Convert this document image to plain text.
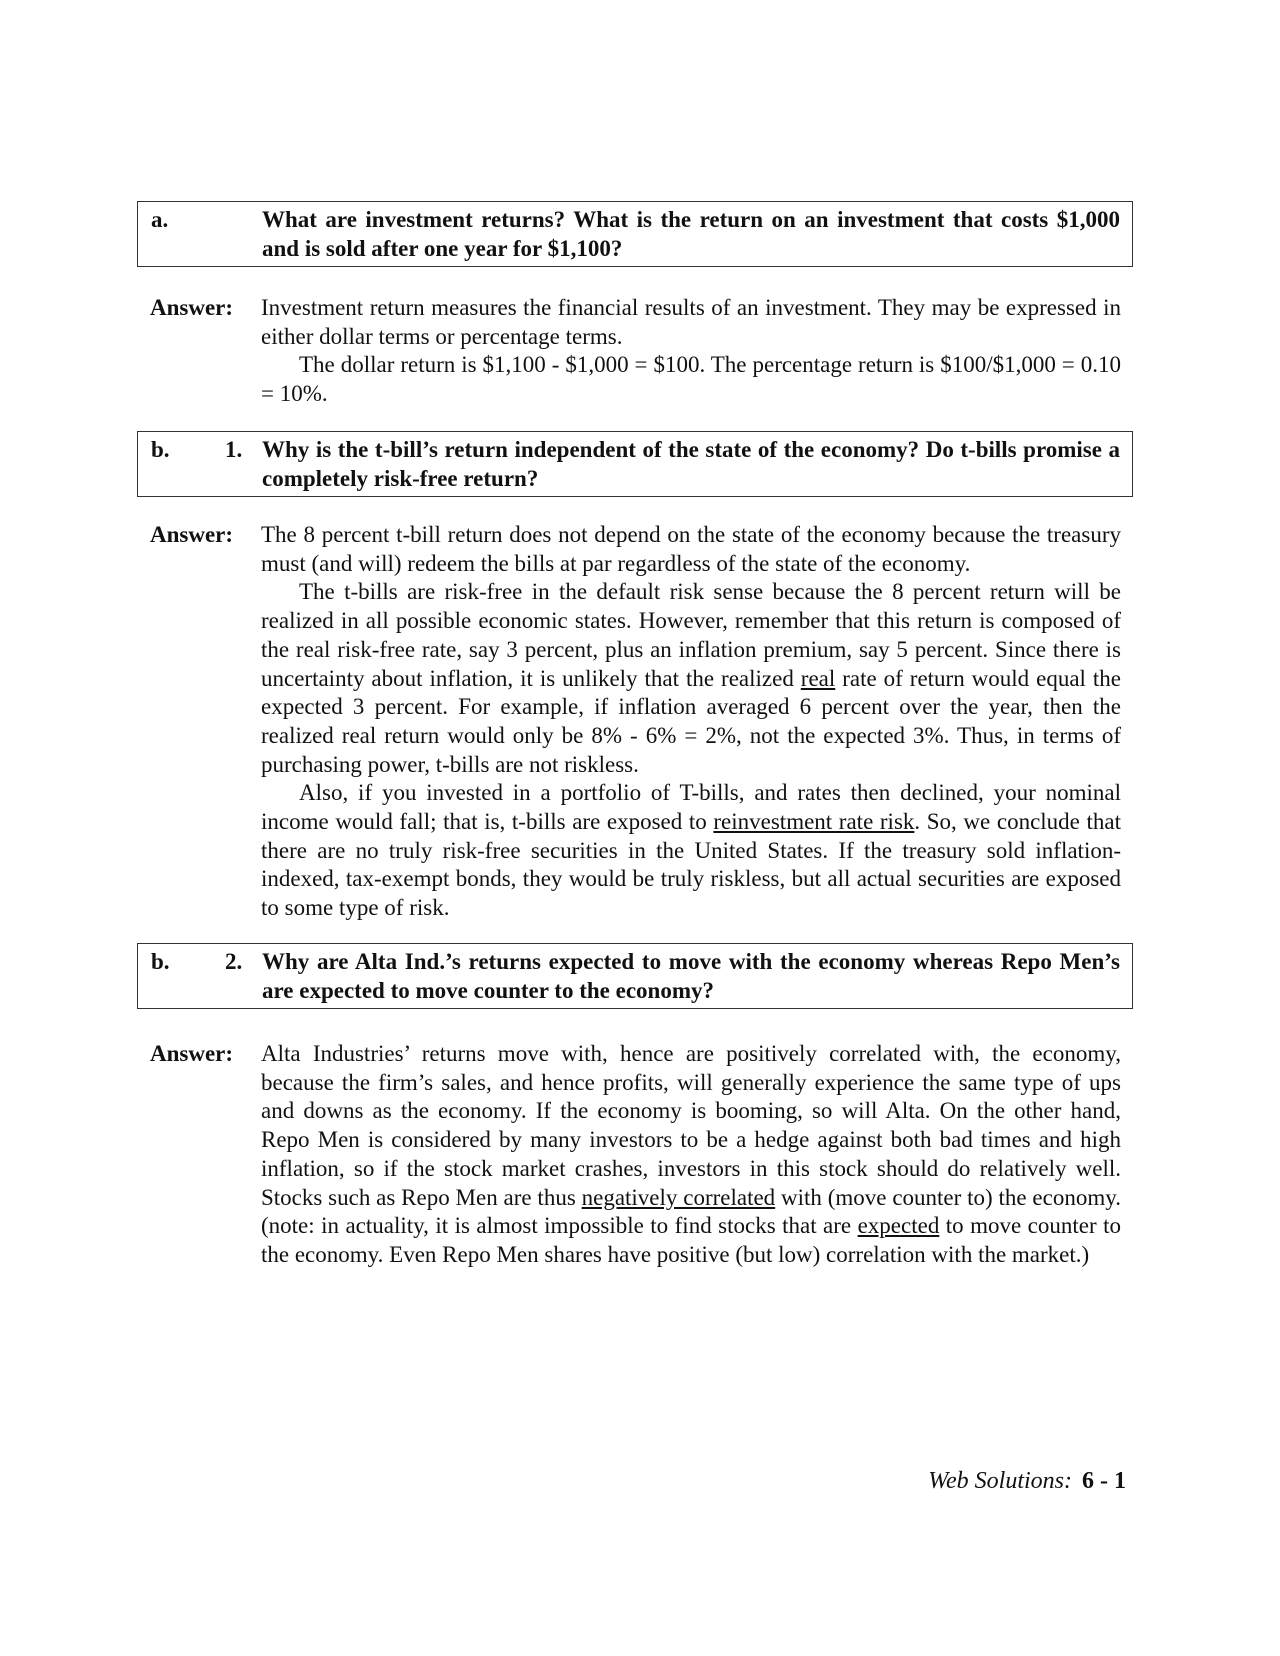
a.	What are investment returns? What is the return on an investment that costs $1,000 and is sold after one year for $1,100?
Answer: Investment return measures the financial results of an investment. They may be expressed in either dollar terms or percentage terms.

The dollar return is $1,100 - $1,000 = $100. The percentage return is $100/$1,000 = 0.10 = 10%.

b. 1. Why is the t-bill’s return independent of the state of the economy? Do t-bills promise a completely risk-free return?
Answer: The 8 percent t-bill return does not depend on the state of the economy because the treasury must (and will) redeem the bills at par regardless of the state of the economy.

The t-bills are risk-free in the default risk sense because the 8 percent return will be realized in all possible economic states. However, remember that this return is composed of the real risk-free rate, say 3 percent, plus an inflation premium, say 5 percent. Since there is uncertainty about inflation, it is unlikely that the realized real rate of return would equal the expected 3 percent. For example, if inflation averaged 6 percent over the year, then the realized real return would only be 8% - 6% = 2%, not the expected 3%. Thus, in terms of purchasing power, t-bills are not riskless.

Also, if you invested in a portfolio of T-bills, and rates then declined, your nominal income would fall; that is, t-bills are exposed to reinvestment rate risk. So, we conclude that there are no truly risk-free securities in the United States. If the treasury sold inflation-indexed, tax-exempt bonds, they would be truly riskless, but all actual securities are exposed to some type of risk.

b. 2. Why are Alta Ind.’s returns expected to move with the economy whereas Repo Men’s are expected to move counter to the economy?
Answer: Alta Industries’ returns move with, hence are positively correlated with, the economy, because the firm’s sales, and hence profits, will generally experience the same type of ups and downs as the economy. If the economy is booming, so will Alta. On the other hand, Repo Men is considered by many investors to be a hedge against both bad times and high inflation, so if the stock market crashes, investors in this stock should do relatively well. Stocks such as Repo Men are thus negatively correlated with (move counter to) the economy. (note: in actuality, it is almost impossible to find stocks that are expected to move counter to the economy. Even Repo Men shares have positive (but low) correlation with the market.)

Web Solutions: 6 - 1
